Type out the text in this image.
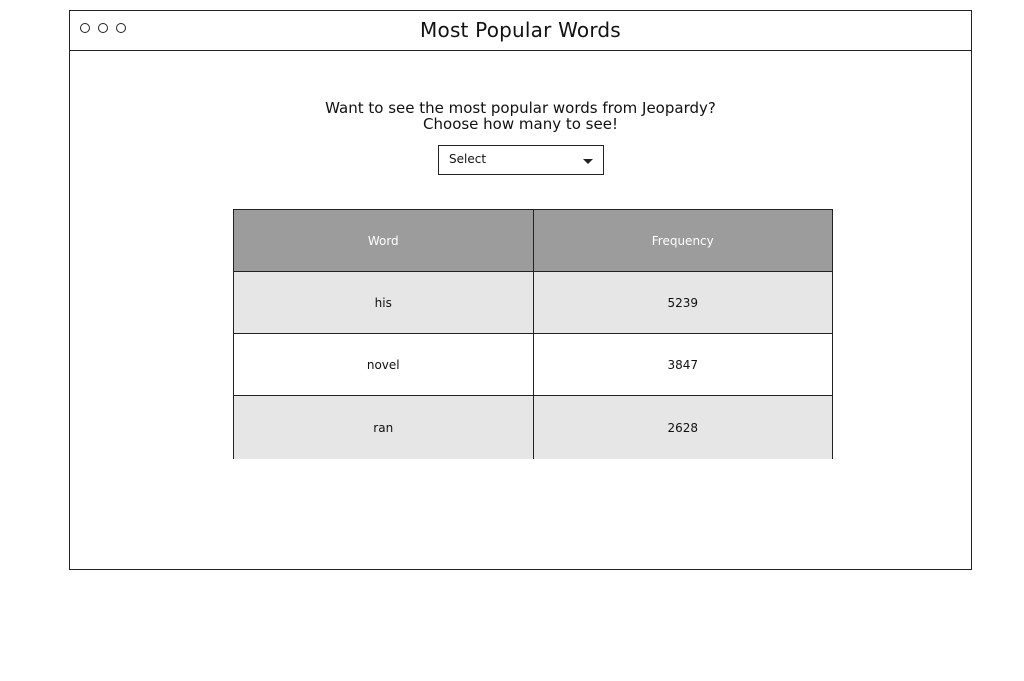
Most Popular Words
Want to see the most popular words from Jeopardy?
Choose how many to see!
Select
Word	Frequency
his	5239
novel	3847
ran	2628
